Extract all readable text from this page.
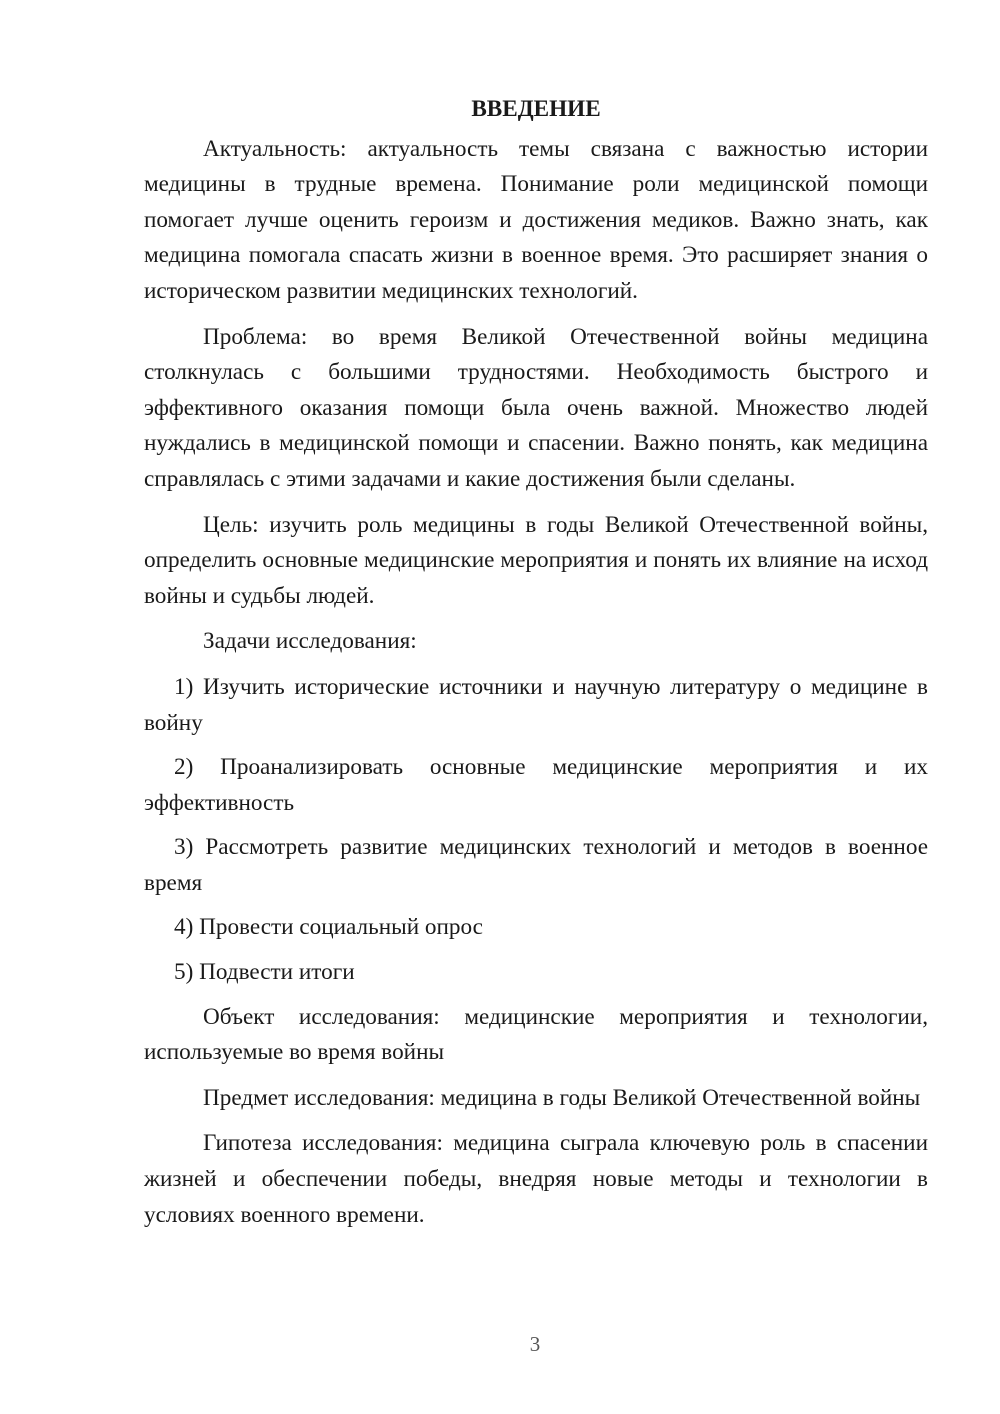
ВВЕДЕНИЕ

Актуальность: актуальность темы связана с важностью истории медицины в трудные времена. Понимание роли медицинской помощи помогает лучше оценить героизм и достижения медиков. Важно знать, как медицина помогала спасать жизни в военное время. Это расширяет знания о историческом развитии медицинских технологий.

Проблема: во время Великой Отечественной войны медицина столкнулась с большими трудностями. Необходимость быстрого и эффективного оказания помощи была очень важной. Множество людей нуждались в медицинской помощи и спасении. Важно понять, как медицина справлялась с этими задачами и какие достижения были сделаны.

Цель: изучить роль медицины в годы Великой Отечественной войны, определить основные медицинские мероприятия и понять их влияние на исход войны и судьбы людей.

Задачи исследования:

1) Изучить исторические источники и научную литературу о медицине в войну

2) Проанализировать основные медицинские мероприятия и их эффективность

3) Рассмотреть развитие медицинских технологий и методов в военное время

4) Провести социальный опрос

5) Подвести итоги

Объект исследования: медицинские мероприятия и технологии, используемые во время войны

Предмет исследования: медицина в годы Великой Отечественной войны

Гипотеза исследования: медицина сыграла ключевую роль в спасении жизней и обеспечении победы, внедряя новые методы и технологии в условиях военного времени.

3
